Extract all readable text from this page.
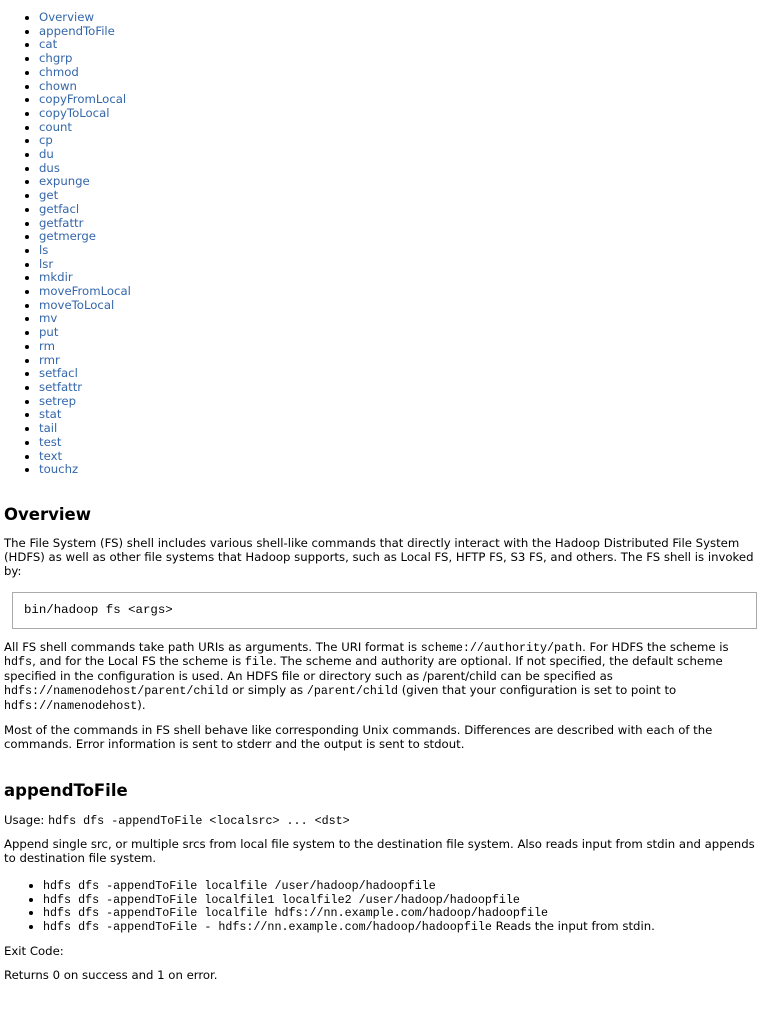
• Overview
• appendToFile
• cat
• chgrp
• chmod
• chown
• copyFromLocal
• copyToLocal
• count
• cp
• du
• dus
• expunge
• get
• getfacl
• getfattr
• getmerge
• ls
• lsr
• mkdir
• moveFromLocal
• moveToLocal
• mv
• put
• rm
• rmr
• setfacl
• setfattr
• setrep
• stat
• tail
• test
• text
• touchz
Overview

The File System (FS) shell includes various shell-like commands that directly interact with the Hadoop Distributed File System (HDFS) as well as other file systems that Hadoop supports, such as Local FS, HFTP FS, S3 FS, and others. The FS shell is invoked by:

bin/hadoop fs <args>

All FS shell commands take path URIs as arguments. The URI format is scheme://authority/path. For HDFS the scheme is hdfs, and for the Local FS the scheme is file. The scheme and authority are optional. If not specified, the default scheme specified in the configuration is used. An HDFS file or directory such as /parent/child can be specified as hdfs://namenodehost/parent/child or simply as /parent/child (given that your configuration is set to point to hdfs://namenodehost).

Most of the commands in FS shell behave like corresponding Unix commands. Differences are described with each of the commands. Error information is sent to stderr and the output is sent to stdout.

appendToFile

Usage: hdfs dfs -appendToFile <localsrc> ... <dst>

Append single src, or multiple srcs from local file system to the destination file system. Also reads input from stdin and appends to destination file system.

• hdfs dfs -appendToFile localfile /user/hadoop/hadoopfile
• hdfs dfs -appendToFile localfile1 localfile2 /user/hadoop/hadoopfile
• hdfs dfs -appendToFile localfile hdfs://nn.example.com/hadoop/hadoopfile
• hdfs dfs -appendToFile - hdfs://nn.example.com/hadoop/hadoopfile Reads the input from stdin.

Exit Code:

Returns 0 on success and 1 on error.
